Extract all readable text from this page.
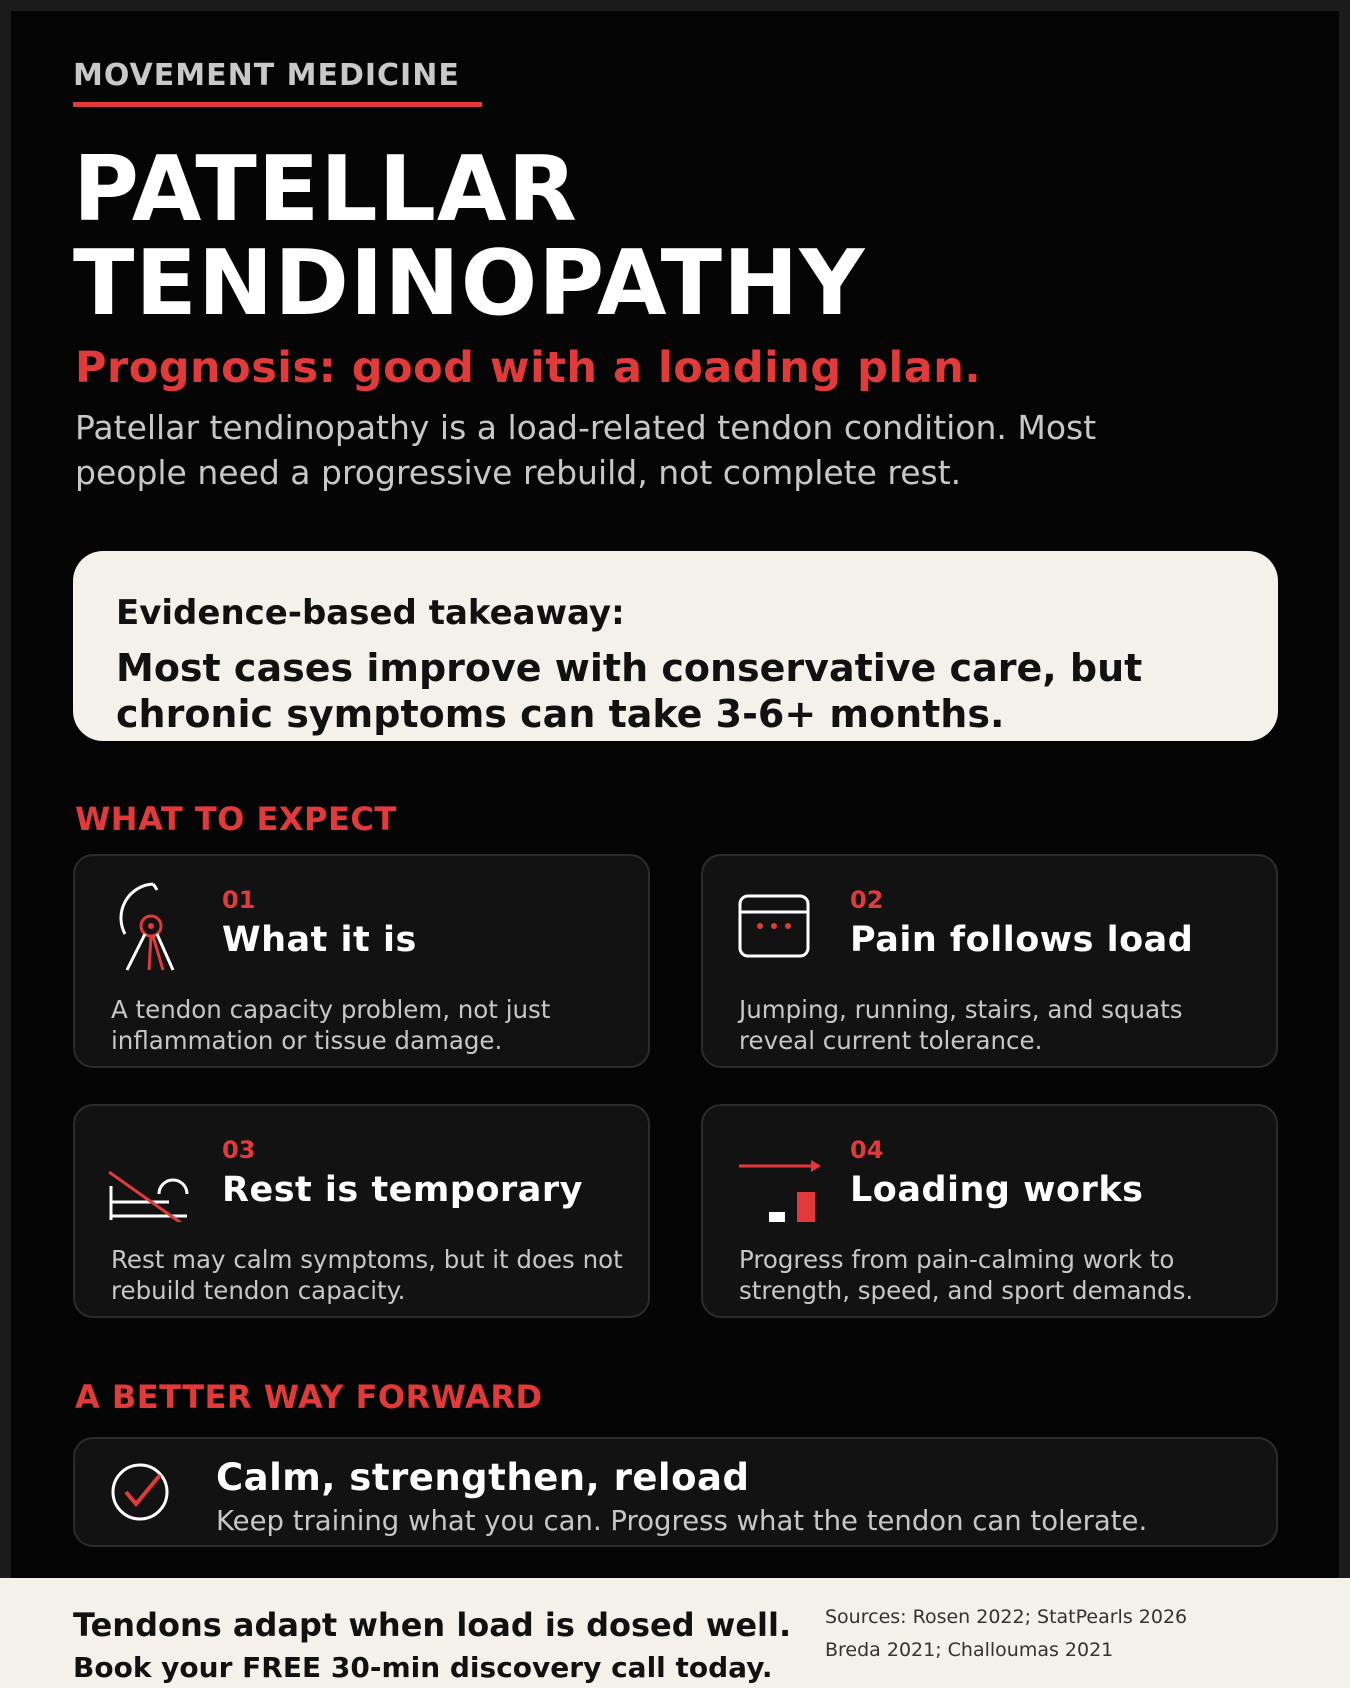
MOVEMENT MEDICINE
PATELLAR
TENDINOPATHY
Prognosis: good with a loading plan.
Patellar tendinopathy is a load-related tendon condition. Most people need a progressive rebuild, not complete rest.
Evidence-based takeaway:
Most cases improve with conservative care, but chronic symptoms can take 3-6+ months.
WHAT TO EXPECT
01
What it is
A tendon capacity problem, not just inflammation or tissue damage.
02
Pain follows load
Jumping, running, stairs, and squats reveal current tolerance.
03
Rest is temporary
Rest may calm symptoms, but it does not rebuild tendon capacity.
04
Loading works
Progress from pain-calming work to strength, speed, and sport demands.
A BETTER WAY FORWARD
Calm, strengthen, reload
Keep training what you can. Progress what the tendon can tolerate.
Tendons adapt when load is dosed well.
Book your FREE 30-min discovery call today.
Sources: Rosen 2022; StatPearls 2026
Breda 2021; Challoumas 2021
